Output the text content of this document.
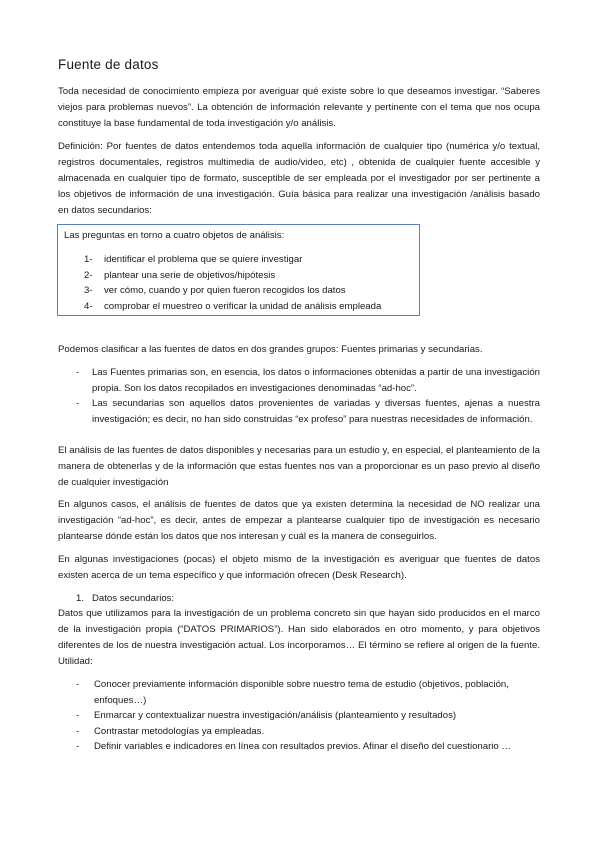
Fuente de datos

Toda necesidad de conocimiento empieza por averiguar qué existe sobre lo que deseamos investigar. “Saberes viejos para problemas nuevos”. La obtención de información relevante y pertinente con el tema que nos ocupa constituye la base fundamental de toda investigación y/o análisis.

Definición: Por fuentes de datos entendemos toda aquella información de cualquier tipo (numérica y/o textual, registros documentales, registros multimedia de audio/video, etc) , obtenida de cualquier fuente accesible y almacenada en cualquier tipo de formato, susceptible de ser empleada por el investigador por ser pertinente a los objetivos de información de una investigación. Guía básica para realizar una investigación /análisis basado en datos secundarios:

Las preguntas en torno a cuatro objetos de análisis:
1- identificar el problema que se quiere investigar
2- plantear una serie de objetivos/hipótesis
3- ver cómo, cuando y por quien fueron recogidos los datos
4- comprobar el muestreo o verificar la unidad de análisis empleada

Podemos clasificar a las fuentes de datos en dos grandes grupos: Fuentes primarias y secundarias.

- Las Fuentes primarias son, en esencia, los datos o informaciones obtenidas a partir de una investigación propia. Son los datos recopilados en investigaciones denominadas “ad-hoc”.
- Las secundarias son aquellos datos provenientes de variadas y diversas fuentes, ajenas a nuestra investigación; es decir, no han sido construidas “ex profeso” para nuestras necesidades de información.

El análisis de las fuentes de datos disponibles y necesarias para un estudio y, en especial, el planteamiento de la manera de obtenerlas y de la información que estas fuentes nos van a proporcionar es un paso previo al diseño de cualquier investigación

En algunos casos, el análisis de fuentes de datos que ya existen determina la necesidad de NO realizar una investigación “ad-hoc”, es decir, antes de empezar a plantearse cualquier tipo de investigación es necesario plantearse dónde están los datos que nos interesan y cuál es la manera de conseguirlos.

En algunas investigaciones (pocas) el objeto mismo de la investigación es averiguar que fuentes de datos existen acerca de un tema específico y que información ofrecen (Desk Research).

1. Datos secundarios:

Datos que utilizamos para la investigación de un problema concreto sin que hayan sido producidos en el marco de la investigación propia (“DATOS PRIMARIOS”). Han sido elaborados en otro momento, y para objetivos diferentes de los de nuestra investigación actual. Los incorporamos… El término se refiere al origen de la fuente. Utilidad:

- Conocer previamente información disponible sobre nuestro tema de estudio (objetivos, población, enfoques…)
- Enmarcar y contextualizar nuestra investigación/análisis (planteamiento y resultados)
- Contrastar metodologías ya empleadas.
- Definir variables e indicadores en línea con resultados previos. Afinar el diseño del cuestionario …
